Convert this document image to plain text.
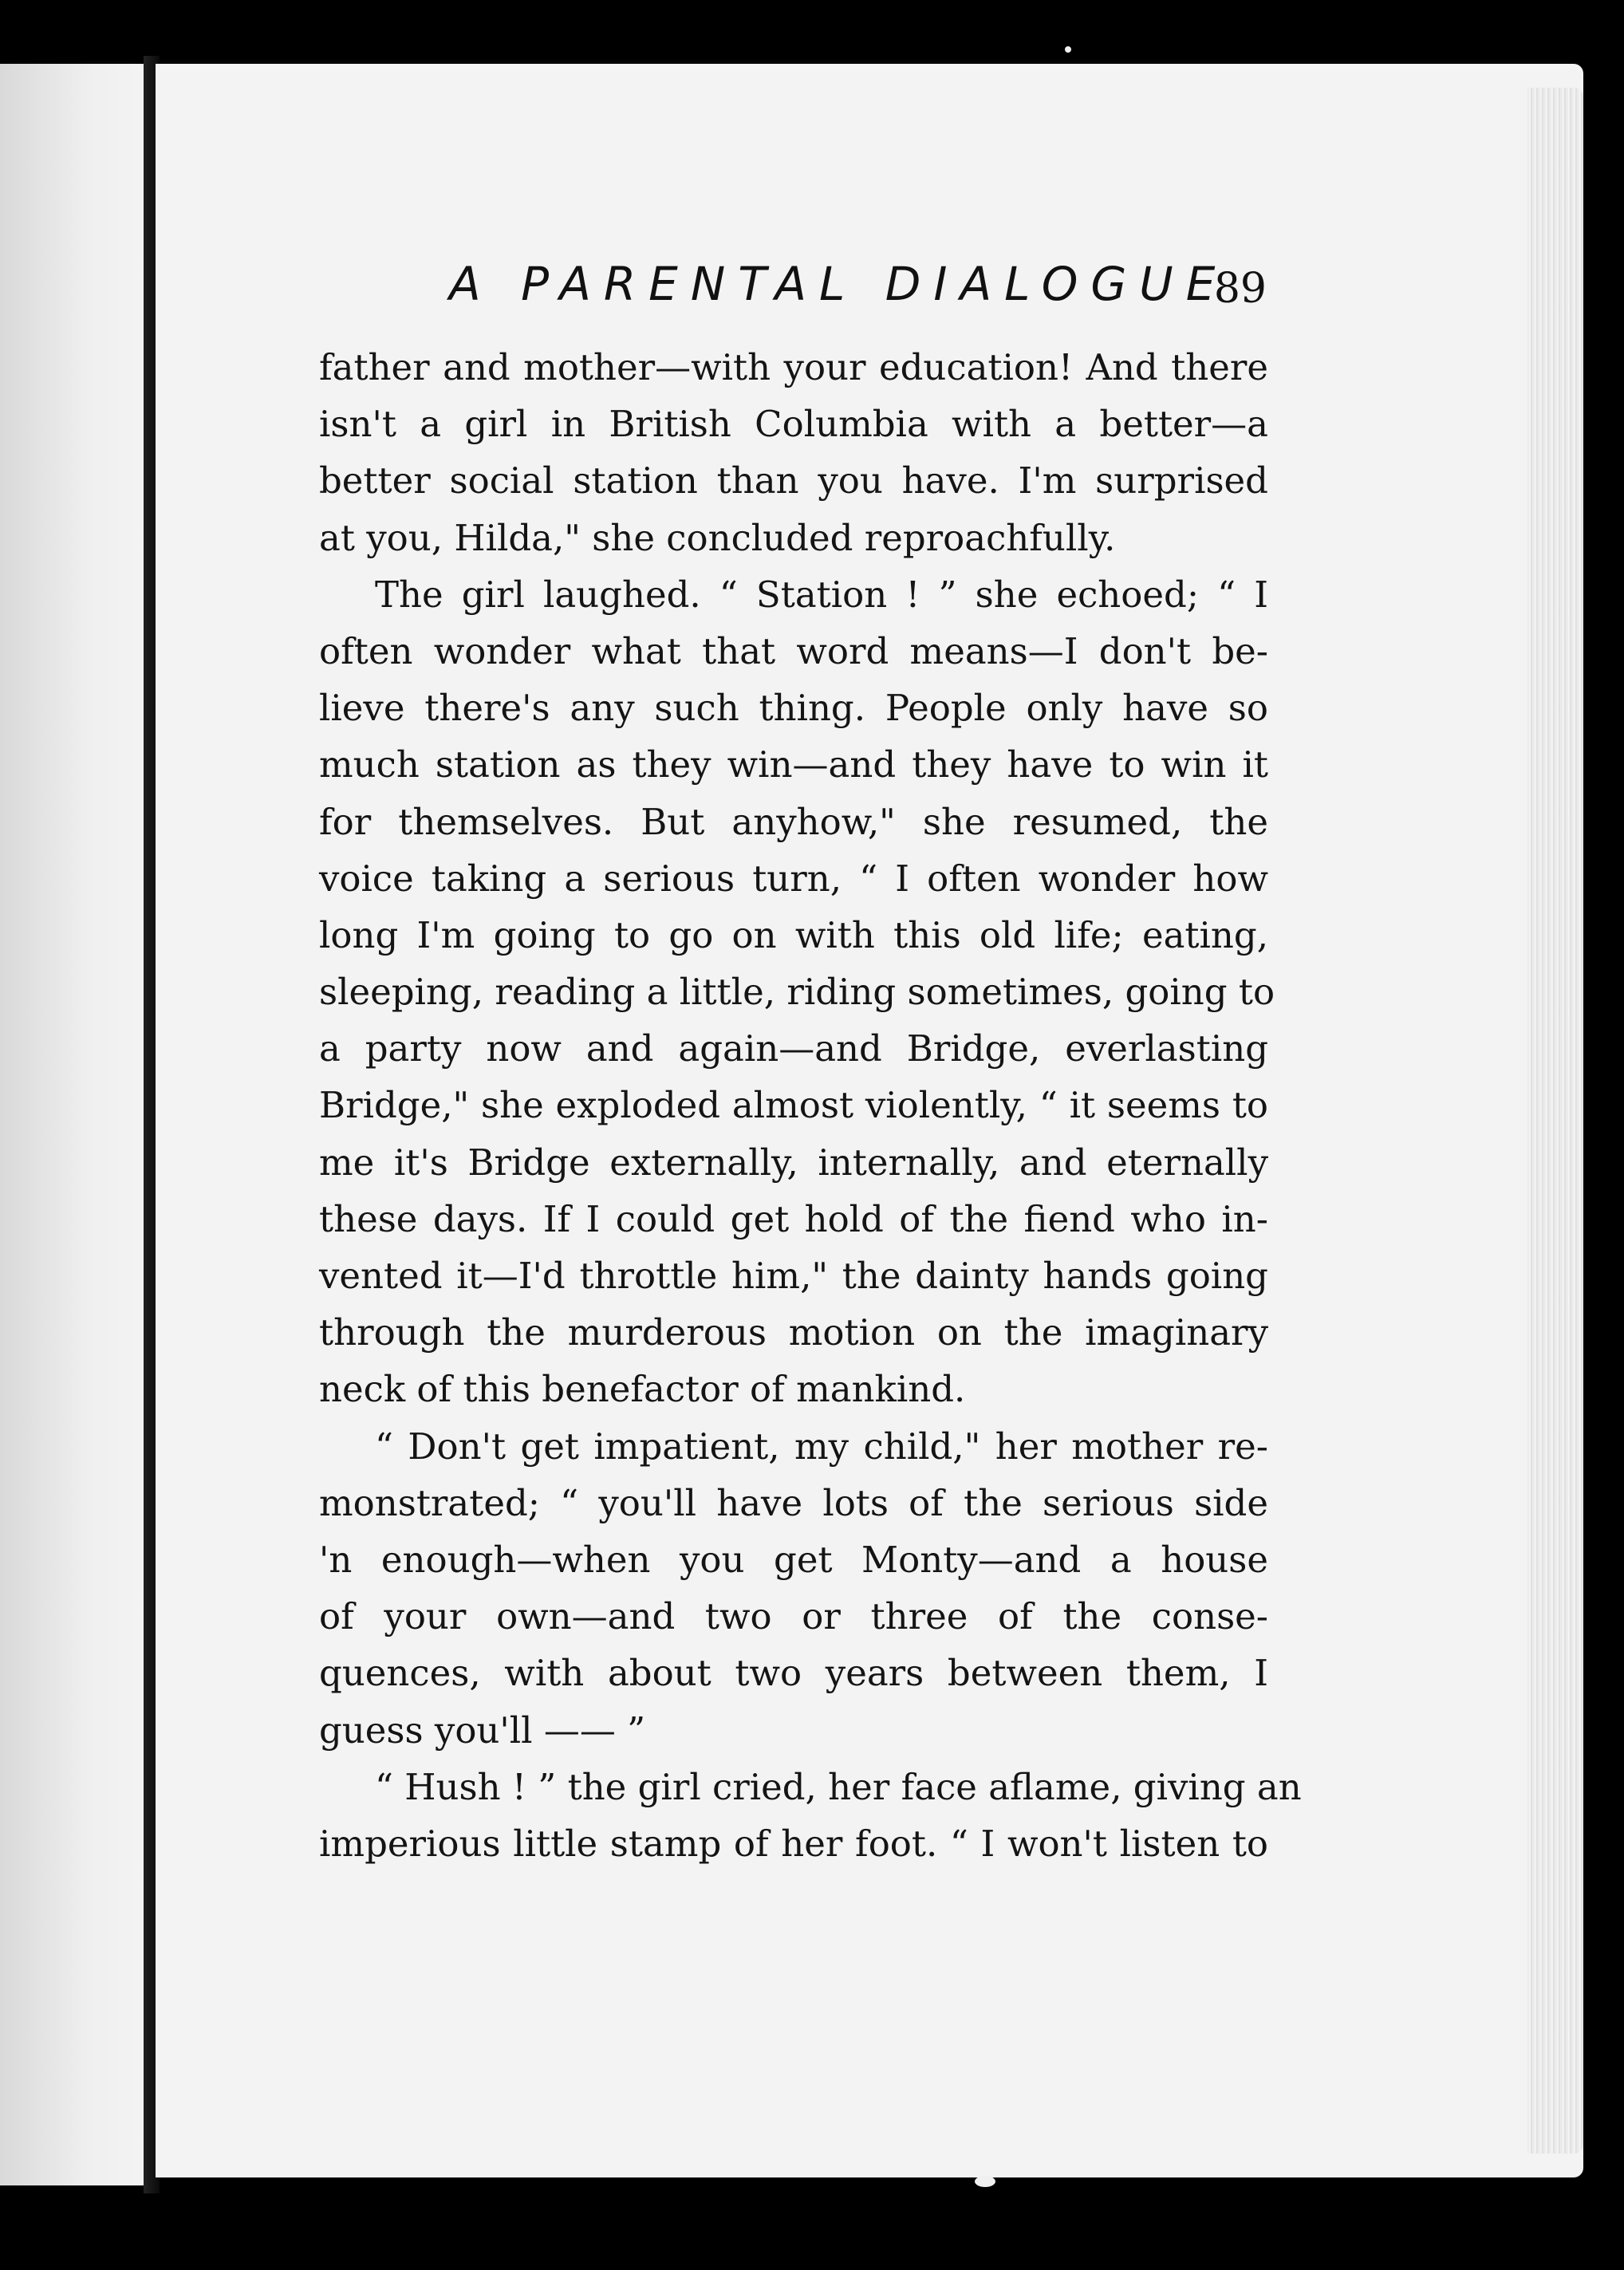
A PARENTAL DIALOGUE
89
father and mother—with your education! And there
isn't a girl in British Columbia with a better—a
better social station than you have. I'm surprised
at you, Hilda," she concluded reproachfully.
The girl laughed. “ Station ! ” she echoed; “ I
often wonder what that word means—I don't be-
lieve there's any such thing. People only have so
much station as they win—and they have to win it
for themselves. But anyhow," she resumed, the
voice taking a serious turn, “ I often wonder how
long I'm going to go on with this old life; eating,
sleeping, reading a little, riding sometimes, going to
a party now and again—and Bridge, everlasting
Bridge," she exploded almost violently, “ it seems to
me it's Bridge externally, internally, and eternally
these days. If I could get hold of the fiend who in-
vented it—I'd throttle him," the dainty hands going
through the murderous motion on the imaginary
neck of this benefactor of mankind.
“ Don't get impatient, my child," her mother re-
monstrated; “ you'll have lots of the serious side
'n enough—when you get Monty—and a house
of your own—and two or three of the conse-
quences, with about two years between them, I
guess you'll —— ”
“ Hush ! ” the girl cried, her face aflame, giving an
imperious little stamp of her foot. “ I won't listen to
